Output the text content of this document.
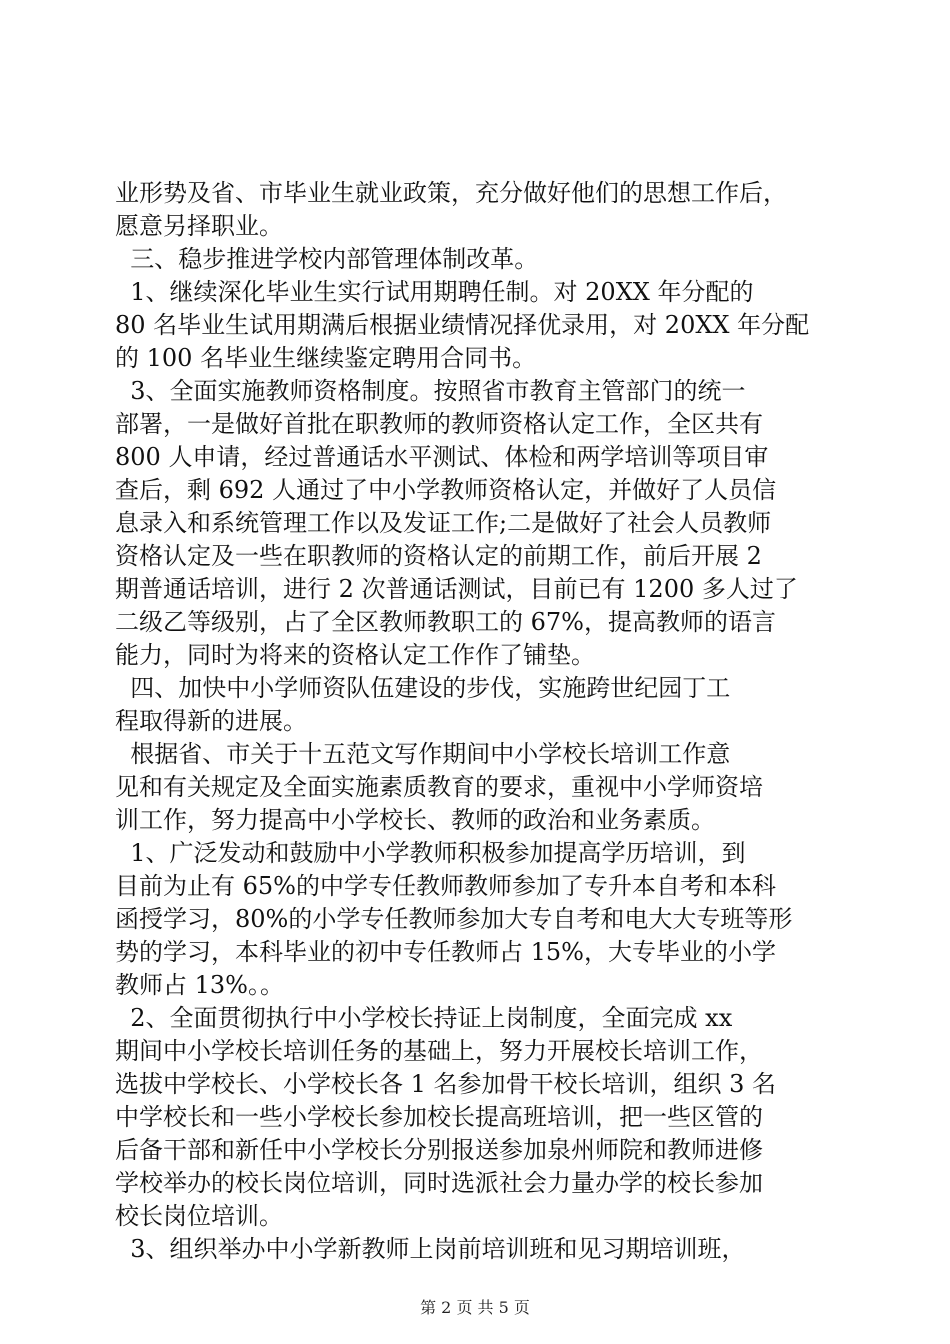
业形势及省、市毕业生就业政策，充分做好他们的思想工作后，
愿意另择职业。
三、稳步推进学校内部管理体制改革。
1、继续深化毕业生实行试用期聘任制。对 20XX 年分配的
80 名毕业生试用期满后根据业绩情况择优录用，对 20XX 年分配
的 100 名毕业生继续鉴定聘用合同书。
3、全面实施教师资格制度。按照省市教育主管部门的统一
部署，一是做好首批在职教师的教师资格认定工作，全区共有
800 人申请，经过普通话水平测试、体检和两学培训等项目审
查后，剩 692 人通过了中小学教师资格认定，并做好了人员信
息录入和系统管理工作以及发证工作;二是做好了社会人员教师
资格认定及一些在职教师的资格认定的前期工作，前后开展 2
期普通话培训，进行 2 次普通话测试，目前已有 1200 多人过了
二级乙等级别，占了全区教师教职工的 67%，提高教师的语言
能力，同时为将来的资格认定工作作了铺垫。
四、加快中小学师资队伍建设的步伐，实施跨世纪园丁工
程取得新的进展。
根据省、市关于十五范文写作期间中小学校长培训工作意
见和有关规定及全面实施素质教育的要求，重视中小学师资培
训工作，努力提高中小学校长、教师的政治和业务素质。
1、广泛发动和鼓励中小学教师积极参加提高学历培训，到
目前为止有 65%的中学专任教师教师参加了专升本自考和本科
函授学习，80%的小学专任教师参加大专自考和电大大专班等形
势的学习，本科毕业的初中专任教师占 15%，大专毕业的小学
教师占 13%。。
2、全面贯彻执行中小学校长持证上岗制度，全面完成 xx
期间中小学校长培训任务的基础上，努力开展校长培训工作，
选拔中学校长、小学校长各 1 名参加骨干校长培训，组织 3 名
中学校长和一些小学校长参加校长提高班培训，把一些区管的
后备干部和新任中小学校长分别报送参加泉州师院和教师进修
学校举办的校长岗位培训，同时选派社会力量办学的校长参加
校长岗位培训。
3、组织举办中小学新教师上岗前培训班和见习期培训班，
第 2 页 共 5 页
